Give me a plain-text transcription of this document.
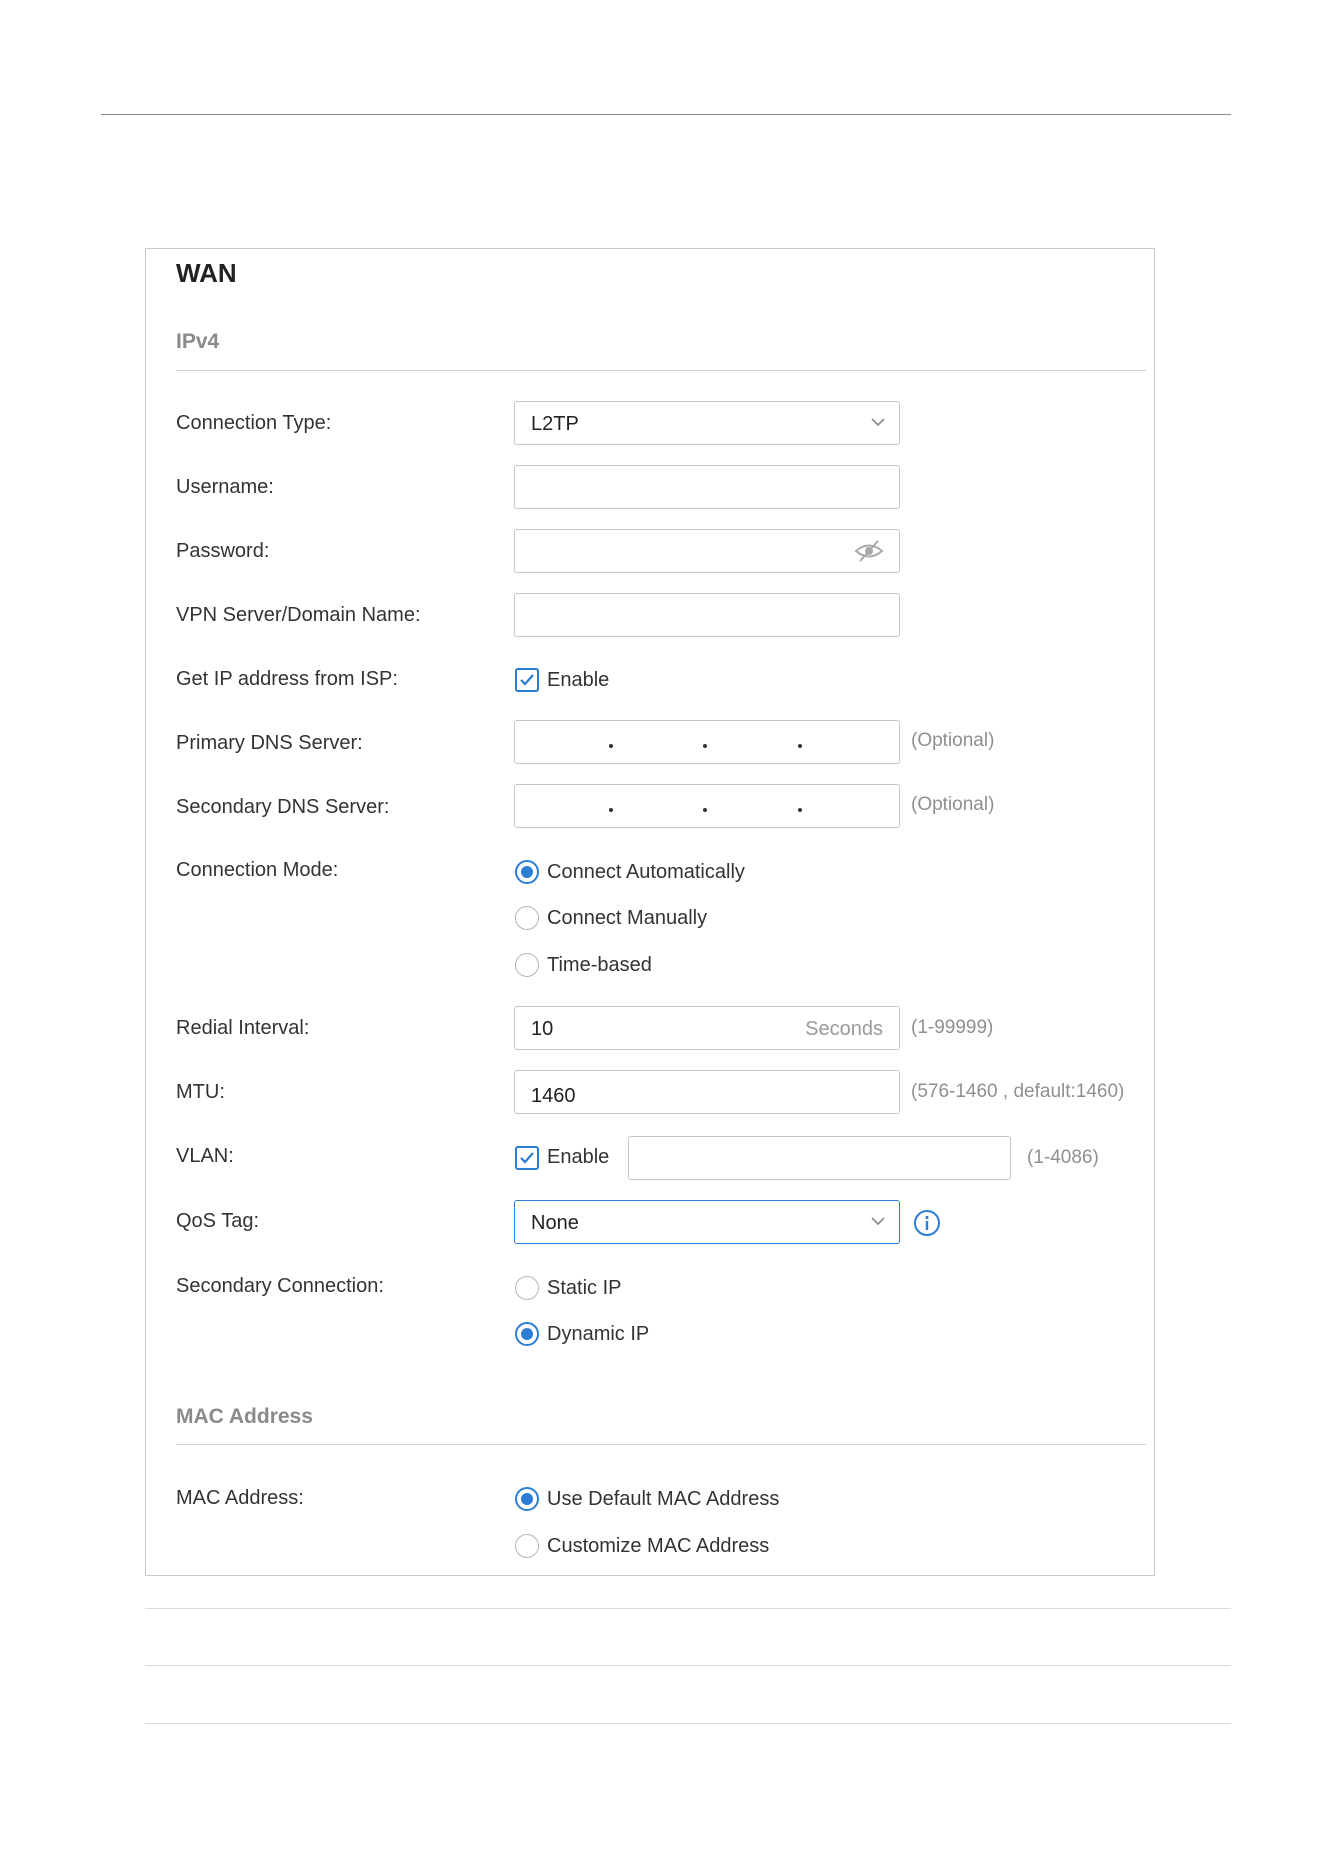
WAN
IPv4
Connection Type:	L2TP
Username:
Password:
VPN Server/Domain Name:
Get IP address from ISP:	Enable
Primary DNS Server:	(Optional)
Secondary DNS Server:	(Optional)
Connection Mode:	Connect Automatically
Connect Manually
Time-based
Redial Interval:	10	Seconds (1-99999)
MTU:	1460	(576-1460 , default:1460)
VLAN:	Enable	(1-4086)
QoS Tag:	None
Secondary Connection:	Static IP
Dynamic IP
MAC Address
MAC Address:	Use Default MAC Address
Customize MAC Address
